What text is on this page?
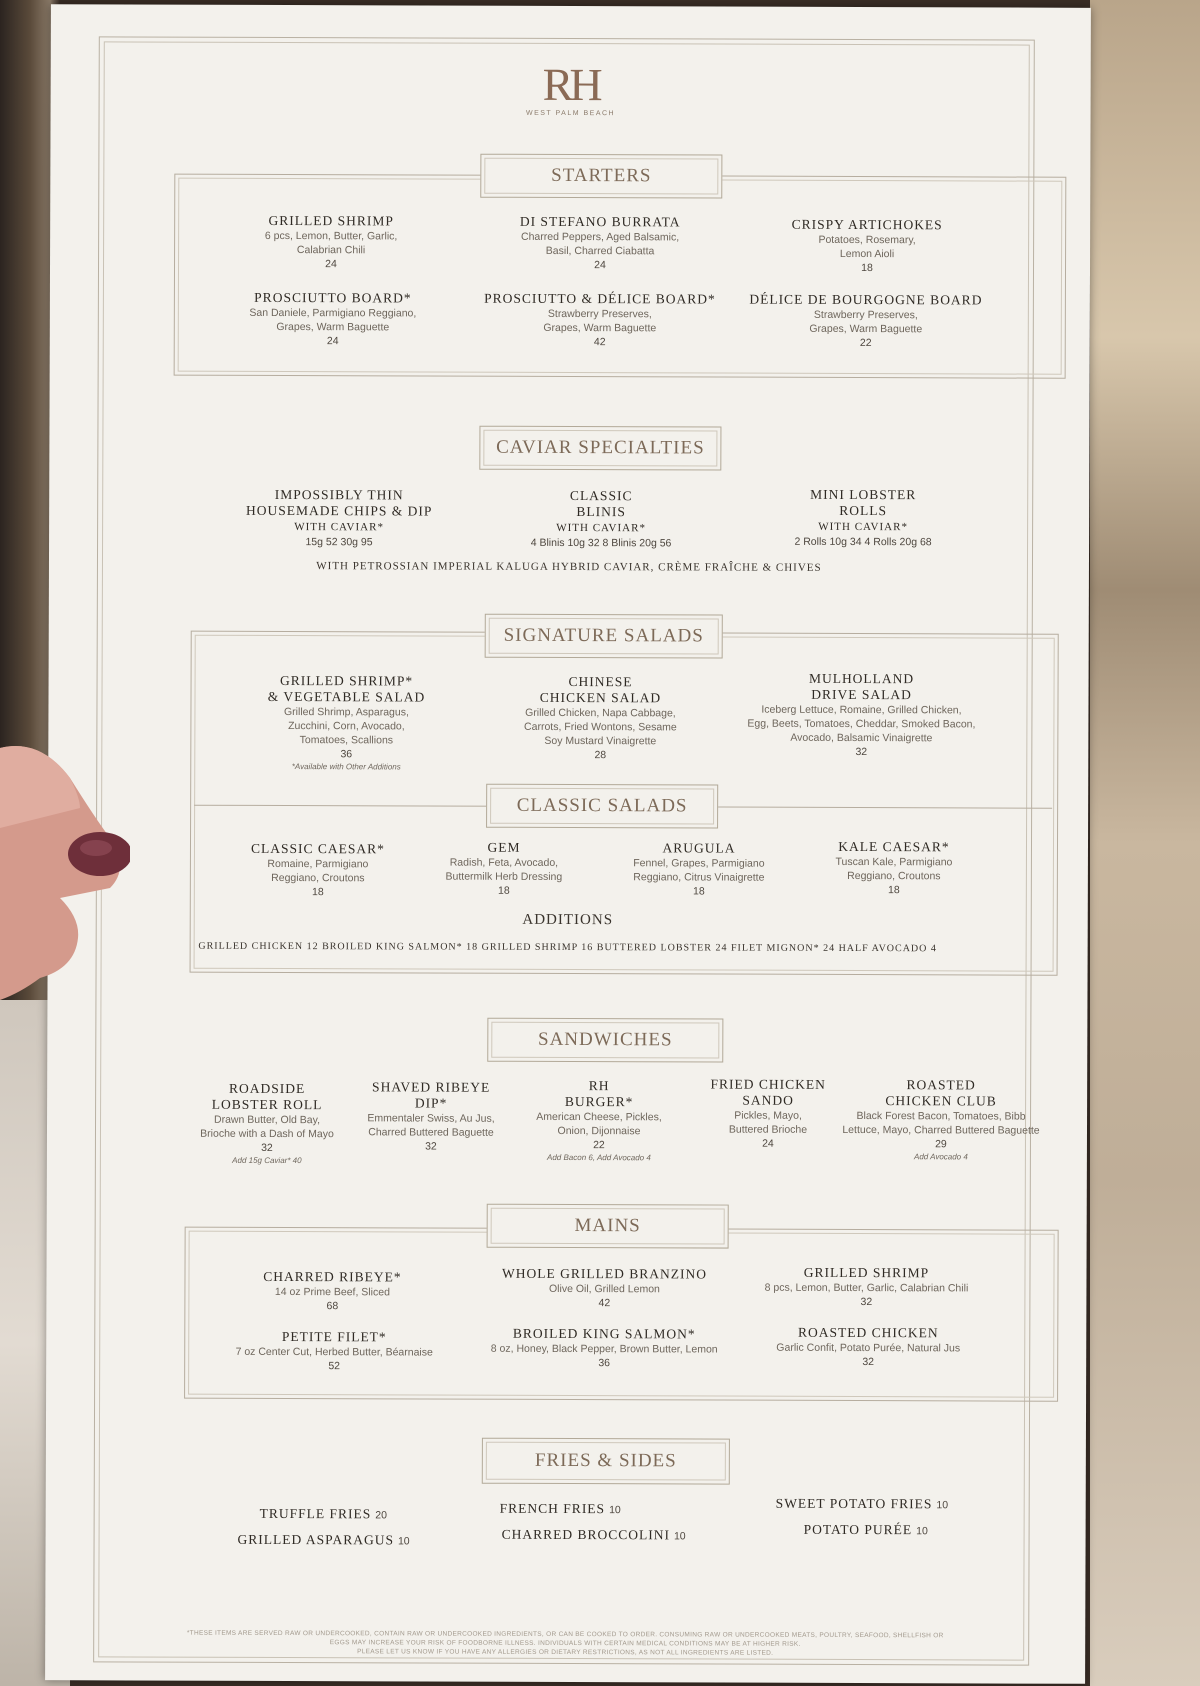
RH
WEST PALM BEACH
STARTERS
GRILLED SHRIMP
6 pcs, Lemon, Butter, Garlic,
Calabrian Chili
24
DI STEFANO BURRATA
Charred Peppers, Aged Balsamic,
Basil, Charred Ciabatta
24
CRISPY ARTICHOKES
Potatoes, Rosemary,
Lemon Aioli
18
PROSCIUTTO BOARD*
San Daniele, Parmigiano Reggiano,
Grapes, Warm Baguette
24
PROSCIUTTO & DÉLICE BOARD*
Strawberry Preserves,
Grapes, Warm Baguette
42
DÉLICE DE BOURGOGNE BOARD
Strawberry Preserves,
Grapes, Warm Baguette
22
CAVIAR SPECIALTIES
IMPOSSIBLY THIN
HOUSEMADE CHIPS & DIP
WITH CAVIAR*
15g 52 30g 95
CLASSIC
BLINIS
WITH CAVIAR*
4 Blinis 10g 32 8 Blinis 20g 56
MINI LOBSTER
ROLLS
WITH CAVIAR*
2 Rolls 10g 34 4 Rolls 20g 68
WITH PETROSSIAN IMPERIAL KALUGA HYBRID CAVIAR, CRÈME FRAÎCHE & CHIVES
SIGNATURE SALADS
GRILLED SHRIMP*
& VEGETABLE SALAD
Grilled Shrimp, Asparagus,
Zucchini, Corn, Avocado,
Tomatoes, Scallions
36
*Available with Other Additions
CHINESE
CHICKEN SALAD
Grilled Chicken, Napa Cabbage,
Carrots, Fried Wontons, Sesame
Soy Mustard Vinaigrette
28
MULHOLLAND
DRIVE SALAD
Iceberg Lettuce, Romaine, Grilled Chicken,
Egg, Beets, Tomatoes, Cheddar, Smoked Bacon,
Avocado, Balsamic Vinaigrette
32
CLASSIC SALADS
CLASSIC CAESAR*
Romaine, Parmigiano
Reggiano, Croutons
18
GEM
Radish, Feta, Avocado,
Buttermilk Herb Dressing
18
ARUGULA
Fennel, Grapes, Parmigiano
Reggiano, Citrus Vinaigrette
18
KALE CAESAR*
Tuscan Kale, Parmigiano
Reggiano, Croutons
18
ADDITIONS
GRILLED CHICKEN 12 BROILED KING SALMON* 18 GRILLED SHRIMP 16 BUTTERED LOBSTER 24 FILET MIGNON* 24 HALF AVOCADO 4
SANDWICHES
ROADSIDE
LOBSTER ROLL
Drawn Butter, Old Bay,
Brioche with a Dash of Mayo
32
Add 15g Caviar* 40
SHAVED RIBEYE
DIP*
Emmentaler Swiss, Au Jus,
Charred Buttered Baguette
32
RH
BURGER*
American Cheese, Pickles,
Onion, Dijonnaise
22
Add Bacon 6, Add Avocado 4
FRIED CHICKEN
SANDO
Pickles, Mayo,
Buttered Brioche
24
ROASTED
CHICKEN CLUB
Black Forest Bacon, Tomatoes, Bibb
Lettuce, Mayo, Charred Buttered Baguette
29
Add Avocado 4
MAINS
CHARRED RIBEYE*
14 oz Prime Beef, Sliced
68
WHOLE GRILLED BRANZINO
Olive Oil, Grilled Lemon
42
GRILLED SHRIMP
8 pcs, Lemon, Butter, Garlic, Calabrian Chili
32
PETITE FILET*
7 oz Center Cut, Herbed Butter, Béarnaise
52
BROILED KING SALMON*
8 oz, Honey, Black Pepper, Brown Butter, Lemon
36
ROASTED CHICKEN
Garlic Confit, Potato Purée, Natural Jus
32
FRIES & SIDES
TRUFFLE FRIES 20	FRENCH FRIES 10	SWEET POTATO FRIES 10
GRILLED ASPARAGUS 10	CHARRED BROCCOLINI 10	POTATO PURÉE 10
*THESE ITEMS ARE SERVED RAW OR UNDERCOOKED, CONTAIN RAW OR UNDERCOOKED INGREDIENTS, OR CAN BE COOKED TO ORDER. CONSUMING RAW OR UNDERCOOKED MEATS, POULTRY, SEAFOOD, SHELLFISH OR
EGGS MAY INCREASE YOUR RISK OF FOODBORNE ILLNESS. INDIVIDUALS WITH CERTAIN MEDICAL CONDITIONS MAY BE AT HIGHER RISK.
PLEASE LET US KNOW IF YOU HAVE ANY ALLERGIES OR DIETARY RESTRICTIONS, AS NOT ALL INGREDIENTS ARE LISTED.
